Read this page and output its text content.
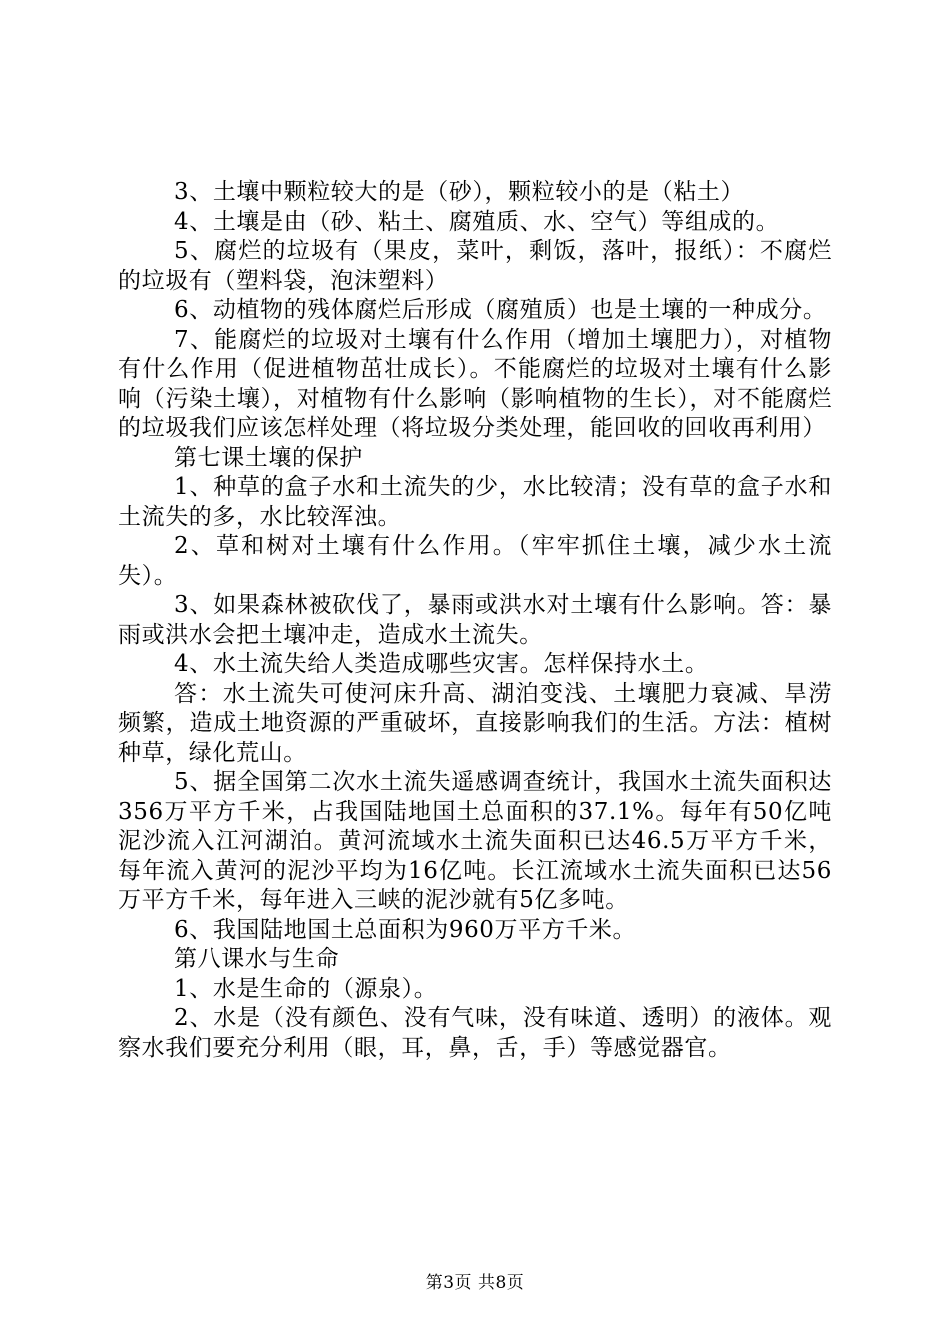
3、土壤中颗粒较大的是（砂），颗粒较小的是（粘土）

4、土壤是由（砂、粘土、腐殖质、水、空气）等组成的。

5、腐烂的垃圾有（果皮，菜叶，剩饭，落叶，报纸）：不腐烂的垃圾有（塑料袋，泡沫塑料）

6、动植物的残体腐烂后形成（腐殖质）也是土壤的一种成分。

7、能腐烂的垃圾对土壤有什么作用（增加土壤肥力），对植物有什么作用（促进植物茁壮成长）。不能腐烂的垃圾对土壤有什么影响（污染土壤），对植物有什么影响（影响植物的生长），对不能腐烂的垃圾我们应该怎样处理（将垃圾分类处理，能回收的回收再利用）

第七课土壤的保护

1、种草的盒子水和土流失的少，水比较清；没有草的盒子水和土流失的多，水比较浑浊。

2、草和树对土壤有什么作用。（牢牢抓住土壤，减少水土流失）。

3、如果森林被砍伐了，暴雨或洪水对土壤有什么影响。答：暴雨或洪水会把土壤冲走，造成水土流失。

4、水土流失给人类造成哪些灾害。怎样保持水土。

答：水土流失可使河床升高、湖泊变浅、土壤肥力衰减、旱涝频繁，造成土地资源的严重破坏，直接影响我们的生活。方法：植树种草，绿化荒山。

5、据全国第二次水土流失遥感调查统计，我国水土流失面积达356万平方千米，占我国陆地国土总面积的37.1%。每年有50亿吨泥沙流入江河湖泊。黄河流域水土流失面积已达46.5万平方千米，每年流入黄河的泥沙平均为16亿吨。长江流域水土流失面积已达56万平方千米，每年进入三峡的泥沙就有5亿多吨。

6、我国陆地国土总面积为960万平方千米。

第八课水与生命

1、水是生命的（源泉）。

2、水是（没有颜色、没有气味，没有味道、透明）的液体。观察水我们要充分利用（眼，耳，鼻，舌，手）等感觉器官。

第3页 共8页
